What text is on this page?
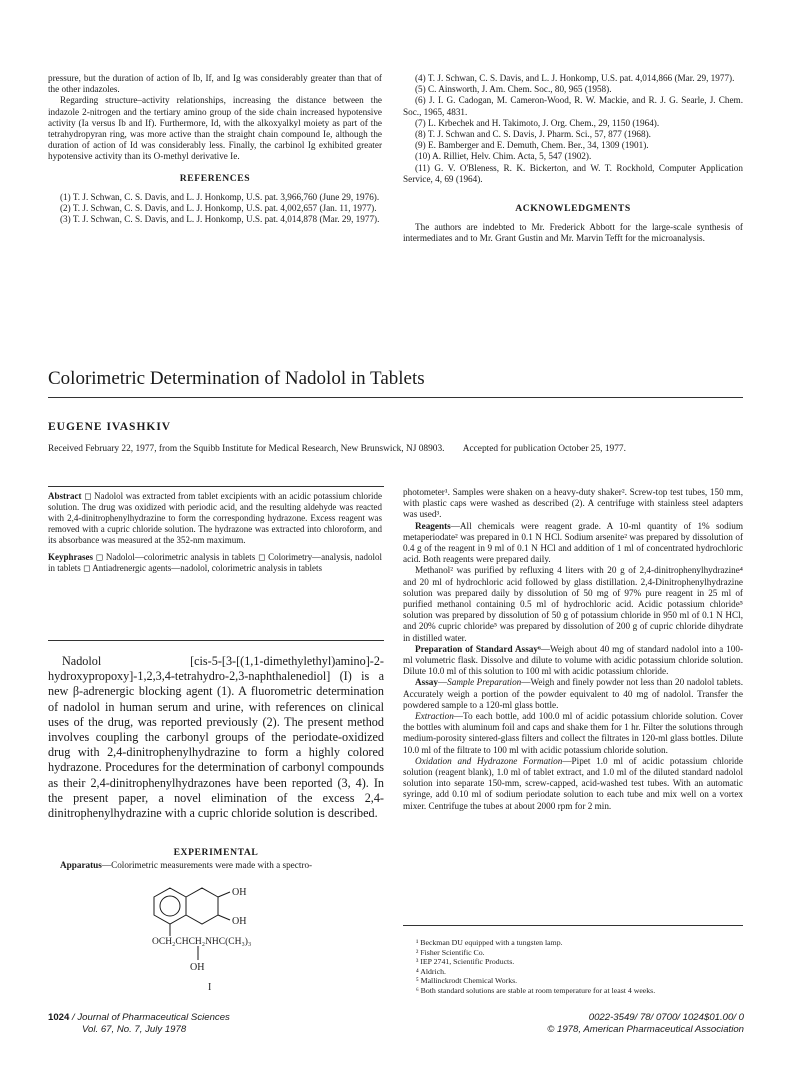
pressure, but the duration of action of Ib, If, and Ig was considerably greater than that of the other indazoles.

Regarding structure–activity relationships, increasing the distance between the indazole 2-nitrogen and the tertiary amino group of the side chain increased hypotensive activity (Ia versus Ib and If). Furthermore, Id, with the alkoxyalkyl moiety as part of the tetrahydropyran ring, was more active than the straight chain compound Ie, although the duration of action of Id was considerably less. Finally, the carbinol Ig exhibited greater hypotensive activity than its O-methyl derivative Ie.

REFERENCES

(1) T. J. Schwan, C. S. Davis, and L. J. Honkomp, U.S. pat. 3,966,760 (June 29, 1976).

(2) T. J. Schwan, C. S. Davis, and L. J. Honkomp, U.S. pat. 4,002,657 (Jan. 11, 1977).

(3) T. J. Schwan, C. S. Davis, and L. J. Honkomp, U.S. pat. 4,014,878 (Mar. 29, 1977).

(4) T. J. Schwan, C. S. Davis, and L. J. Honkomp, U.S. pat. 4,014,866 (Mar. 29, 1977).

(5) C. Ainsworth, J. Am. Chem. Soc., 80, 965 (1958).

(6) J. I. G. Cadogan, M. Cameron-Wood, R. W. Mackie, and R. J. G. Searle, J. Chem. Soc., 1965, 4831.

(7) L. Krbechek and H. Takimoto, J. Org. Chem., 29, 1150 (1964).

(8) T. J. Schwan and C. S. Davis, J. Pharm. Sci., 57, 877 (1968).

(9) E. Bamberger and E. Demuth, Chem. Ber., 34, 1309 (1901).

(10) A. Rilliet, Helv. Chim. Acta, 5, 547 (1902).

(11) G. V. O'Bleness, R. K. Bickerton, and W. T. Rockhold, Computer Application Service, 4, 69 (1964).

ACKNOWLEDGMENTS

The authors are indebted to Mr. Frederick Abbott for the large-scale synthesis of intermediates and to Mr. Grant Gustin and Mr. Marvin Tefft for the microanalysis.

Colorimetric Determination of Nadolol in Tablets
EUGENE IVASHKIV
Received February 22, 1977, from the Squibb Institute for Medical Research, New Brunswick, NJ 08903. Accepted for publication October 25, 1977.

Abstract ◻ Nadolol was extracted from tablet excipients with an acidic potassium chloride solution. The drug was oxidized with periodic acid, and the resulting aldehyde was reacted with 2,4-dinitrophenylhydrazine to form the corresponding hydrazone. Excess reagent was removed with a cupric chloride solution. The hydrazone was extracted into chloroform, and its absorbance was measured at the 352-nm maximum.

Keyphrases ◻ Nadolol—colorimetric analysis in tablets ◻ Colorimetry—analysis, nadolol in tablets ◻ Antiadrenergic agents—nadolol, colorimetric analysis in tablets

Nadolol [cis-5-[3-[(1,1-dimethylethyl)amino]-2-hydroxypropoxy]-1,2,3,4-tetrahydro-2,3-naphthalenediol] (I) is a new β-adrenergic blocking agent (1). A fluorometric determination of nadolol in human serum and urine, with references on clinical uses of the drug, was reported previously (2). The present method involves coupling the carbonyl groups of the periodate-oxidized drug with 2,4-dinitrophenylhydrazine to form a highly colored hydrazone. Procedures for the determination of carbonyl compounds as their 2,4-dinitrophenylhydrazones have been reported (3, 4). In the present paper, a novel elimination of the excess 2,4-dinitrophenylhydrazine with a cupric chloride solution is described.

EXPERIMENTAL
Apparatus—Colorimetric measurements were made with a spectro-
OH
OH
OCH₂CHCH₂NHC(CH₃)₃
OH
I

photometer¹. Samples were shaken on a heavy-duty shaker². Screw-top test tubes, 150 mm, with plastic caps were washed as described (2). A centrifuge with stainless steel adapters was used³.

Reagents—All chemicals were reagent grade. A 10-ml quantity of 1% sodium metaperiodate² was prepared in 0.1 N HCl. Sodium arsenite² was prepared by dissolution of 0.4 g of the reagent in 9 ml of 0.1 N HCl and addition of 1 ml of concentrated hydrochloric acid. Both reagents were prepared daily.

Methanol² was purified by refluxing 4 liters with 20 g of 2,4-dinitrophenylhydrazine⁴ and 20 ml of hydrochloric acid followed by glass distillation. 2,4-Dinitrophenylhydrazine solution was prepared daily by dissolution of 50 mg of 97% pure reagent in 25 ml of purified methanol containing 0.5 ml of hydrochloric acid. Acidic potassium chloride⁵ solution was prepared by dissolution of 50 g of potassium chloride in 950 ml of 0.1 N HCl, and 20% cupric chloride⁵ was prepared by dissolution of 200 g of cupric chloride dihydrate in distilled water.

Preparation of Standard Assay⁶—Weigh about 40 mg of standard nadolol into a 100-ml volumetric flask. Dissolve and dilute to volume with acidic potassium chloride solution. Dilute 10.0 ml of this solution to 100 ml with acidic potassium chloride.

Assay—Sample Preparation—Weigh and finely powder not less than 20 nadolol tablets. Accurately weigh a portion of the powder equivalent to 40 mg of nadolol. Transfer the powdered sample to a 120-ml glass bottle.

Extraction—To each bottle, add 100.0 ml of acidic potassium chloride solution. Cover the bottles with aluminum foil and caps and shake them for 1 hr. Filter the solutions through medium-porosity sintered-glass filters and collect the filtrates in 120-ml glass bottles. Dilute 10.0 ml of the filtrate to 100 ml with acidic potassium chloride solution.

Oxidation and Hydrazone Formation—Pipet 1.0 ml of acidic potassium chloride solution (reagent blank), 1.0 ml of tablet extract, and 1.0 ml of the diluted standard nadolol solution into separate 150-mm, screw-capped, acid-washed test tubes. With an automatic syringe, add 0.10 ml of sodium periodate solution to each tube and mix well on a vortex mixer. Centrifuge the tubes at about 2000 rpm for 2 min.

¹ Beckman DU equipped with a tungsten lamp.
² Fisher Scientific Co.
³ IEP 2741, Scientific Products.
⁴ Aldrich.
⁵ Mallinckrodt Chemical Works.
⁶ Both standard solutions are stable at room temperature for at least 4 weeks.
1024 / Journal of Pharmaceutical Sciences
Vol. 67, No. 7, July 1978
0022-3549/ 78/ 0700/ 1024$01.00/ 0
© 1978, American Pharmaceutical Association
